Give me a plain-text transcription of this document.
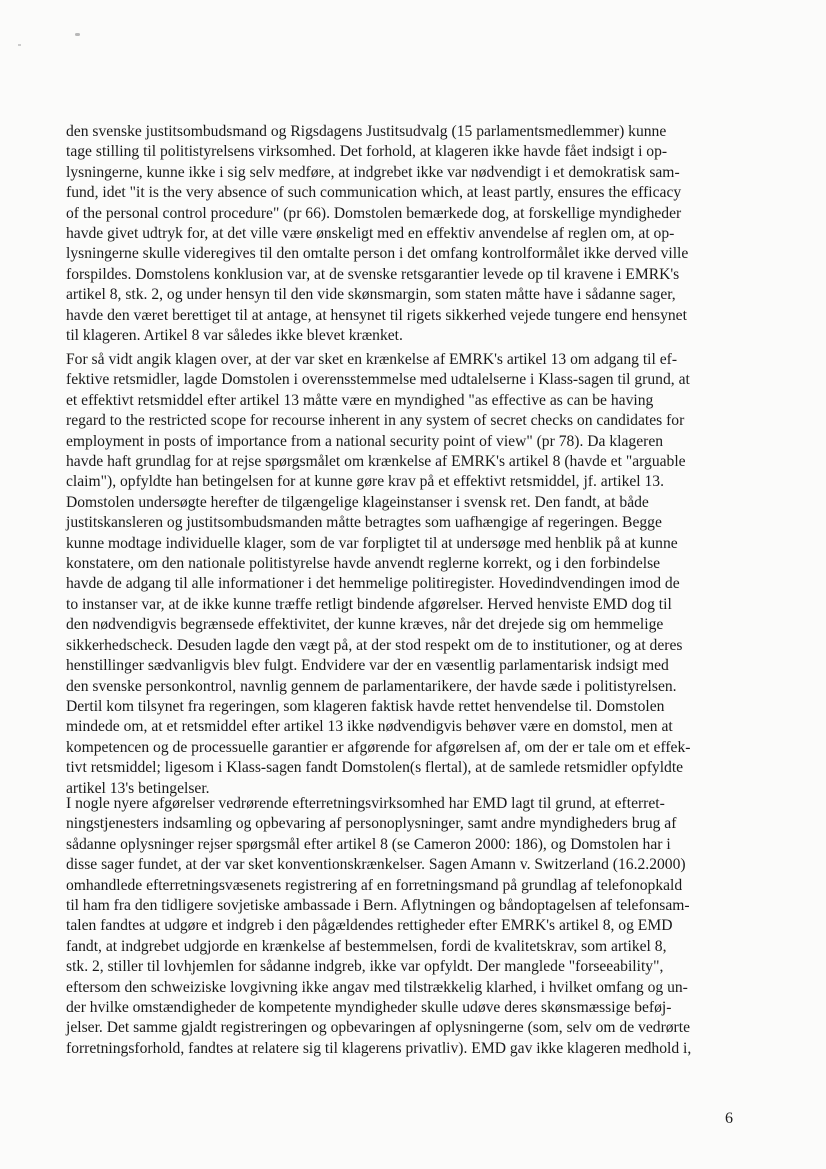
den svenske justitsombudsmand og Rigsdagens Justitsudvalg (15 parlamentsmedlemmer) kunne
tage stilling til politistyrelsens virksomhed. Det forhold, at klageren ikke havde fået indsigt i op-
lysningerne, kunne ikke i sig selv medføre, at indgrebet ikke var nødvendigt i et demokratisk sam-
fund, idet "it is the very absence of such communication which, at least partly, ensures the efficacy
of the personal control procedure" (pr 66). Domstolen bemærkede dog, at forskellige myndigheder
havde givet udtryk for, at det ville være ønskeligt med en effektiv anvendelse af reglen om, at op-
lysningerne skulle videregives til den omtalte person i det omfang kontrolformålet ikke derved ville
forspildes. Domstolens konklusion var, at de svenske retsgarantier levede op til kravene i EMRK's
artikel 8, stk. 2, og under hensyn til den vide skønsmargin, som staten måtte have i sådanne sager,
havde den været berettiget til at antage, at hensynet til rigets sikkerhed vejede tungere end hensynet
til klageren. Artikel 8 var således ikke blevet krænket.
For så vidt angik klagen over, at der var sket en krænkelse af EMRK's artikel 13 om adgang til ef-
fektive retsmidler, lagde Domstolen i overensstemmelse med udtalelserne i Klass-sagen til grund, at
et effektivt retsmiddel efter artikel 13 måtte være en myndighed "as effective as can be having
regard to the restricted scope for recourse inherent in any system of secret checks on candidates for
employment in posts of importance from a national security point of view" (pr 78). Da klageren
havde haft grundlag for at rejse spørgsmålet om krænkelse af EMRK's artikel 8 (havde et "arguable
claim"), opfyldte han betingelsen for at kunne gøre krav på et effektivt retsmiddel, jf. artikel 13.
Domstolen undersøgte herefter de tilgængelige klageinstanser i svensk ret. Den fandt, at både
justitskansleren og justitsombudsmanden måtte betragtes som uafhængige af regeringen. Begge
kunne modtage individuelle klager, som de var forpligtet til at undersøge med henblik på at kunne
konstatere, om den nationale politistyrelse havde anvendt reglerne korrekt, og i den forbindelse
havde de adgang til alle informationer i det hemmelige politiregister. Hovedindvendingen imod de
to instanser var, at de ikke kunne træffe retligt bindende afgørelser. Herved henviste EMD dog til
den nødvendigvis begrænsede effektivitet, der kunne kræves, når det drejede sig om hemmelige
sikkerhedscheck. Desuden lagde den vægt på, at der stod respekt om de to institutioner, og at deres
henstillinger sædvanligvis blev fulgt. Endvidere var der en væsentlig parlamentarisk indsigt med
den svenske personkontrol, navnlig gennem de parlamentarikere, der havde sæde i politistyrelsen.
Dertil kom tilsynet fra regeringen, som klageren faktisk havde rettet henvendelse til. Domstolen
mindede om, at et retsmiddel efter artikel 13 ikke nødvendigvis behøver være en domstol, men at
kompetencen og de processuelle garantier er afgørende for afgørelsen af, om der er tale om et effek-
tivt retsmiddel; ligesom i Klass-sagen fandt Domstolen(s flertal), at de samlede retsmidler opfyldte
artikel 13's betingelser.
I nogle nyere afgørelser vedrørende efterretningsvirksomhed har EMD lagt til grund, at efterret-
ningstjenesters indsamling og opbevaring af personoplysninger, samt andre myndigheders brug af
sådanne oplysninger rejser spørgsmål efter artikel 8 (se Cameron 2000: 186), og Domstolen har i
disse sager fundet, at der var sket konventionskrænkelser. Sagen Amann v. Switzerland (16.2.2000)
omhandlede efterretningsvæsenets registrering af en forretningsmand på grundlag af telefonopkald
til ham fra den tidligere sovjetiske ambassade i Bern. Aflytningen og båndoptagelsen af telefonsam-
talen fandtes at udgøre et indgreb i den pågældendes rettigheder efter EMRK's artikel 8, og EMD
fandt, at indgrebet udgjorde en krænkelse af bestemmelsen, fordi de kvalitetskrav, som artikel 8,
stk. 2, stiller til lovhjemlen for sådanne indgreb, ikke var opfyldt. Der manglede "forseeability",
eftersom den schweiziske lovgivning ikke angav med tilstrækkelig klarhed, i hvilket omfang og un-
der hvilke omstændigheder de kompetente myndigheder skulle udøve deres skønsmæssige beføj-
jelser. Det samme gjaldt registreringen og opbevaringen af oplysningerne (som, selv om de vedrørte
forretningsforhold, fandtes at relatere sig til klagerens privatliv). EMD gav ikke klageren medhold i,
6
